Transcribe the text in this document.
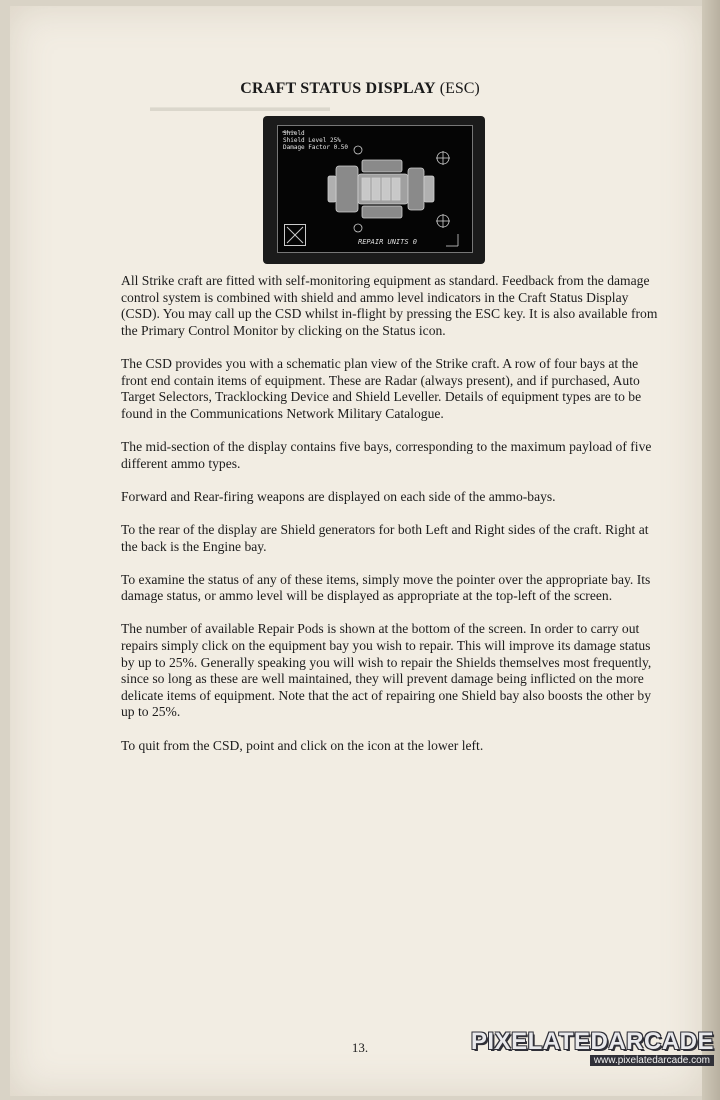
▬▬▬▬▬▬▬▬▬▬▬▬▬▬▬
CRAFT STATUS DISPLAY (ESC)
Shield
Shield Level 25%
Damage Factor 0.50
REPAIR UNITS 0

All Strike craft are fitted with self-monitoring equipment as standard. Feedback from the damage control system is combined with shield and ammo level indicators in the Craft Status Display (CSD). You may call up the CSD whilst in-flight by pressing the ESC key. It is also available from the Primary Control Monitor by clicking on the Status icon.

The CSD provides you with a schematic plan view of the Strike craft. A row of four bays at the front end contain items of equipment. These are Radar (always present), and if purchased, Auto Target Selectors, Tracklocking Device and Shield Leveller. Details of equipment types are to be found in the Communications Network Military Catalogue.

The mid-section of the display contains five bays, corresponding to the maximum payload of five different ammo types.

Forward and Rear-firing weapons are displayed on each side of the ammo-bays.

To the rear of the display are Shield generators for both Left and Right sides of the craft. Right at the back is the Engine bay.

To examine the status of any of these items, simply move the pointer over the appropriate bay. Its damage status, or ammo level will be displayed as appropriate at the top-left of the screen.

The number of available Repair Pods is shown at the bottom of the screen. In order to carry out repairs simply click on the equipment bay you wish to repair. This will improve its damage status by up to 25%. Generally speaking you will wish to repair the Shields themselves most frequently, since so long as these are well maintained, they will prevent damage being inflicted on the more delicate items of equipment. Note that the act of repairing one Shield bay also boosts the other by up to 25%.

To quit from the CSD, point and click on the icon at the lower left.

13.	PIXELATEDARCADE
www.pixelatedarcade.com
